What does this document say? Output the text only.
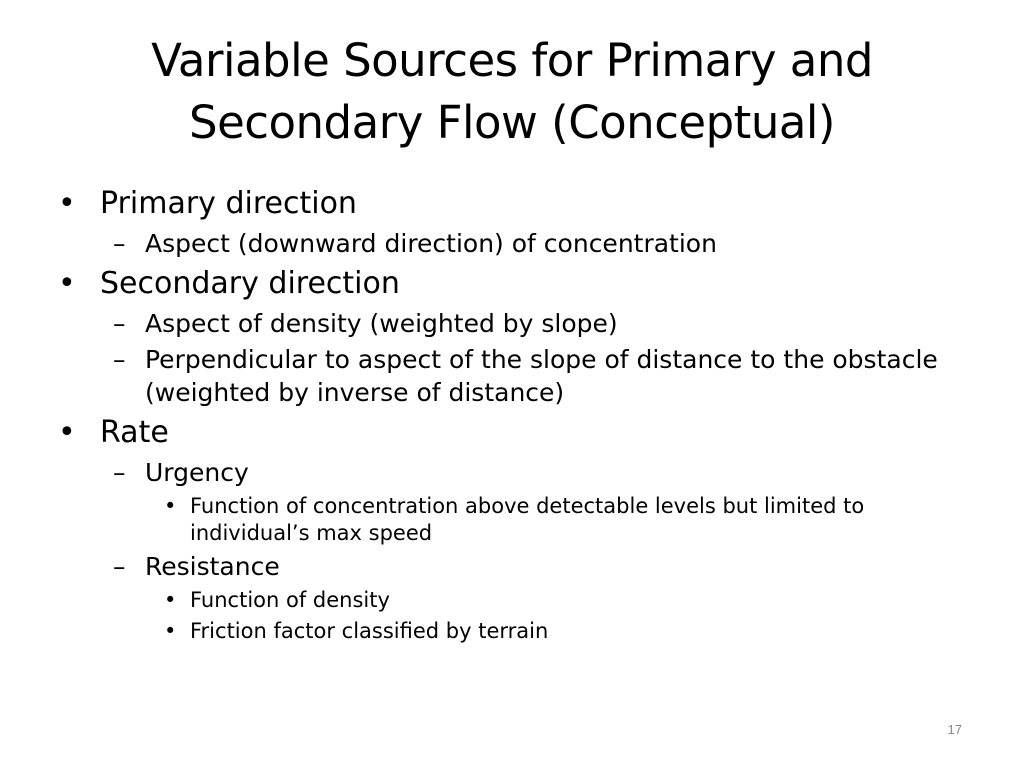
Variable Sources for Primary and
Secondary Flow (Conceptual)
• Primary direction
– Aspect (downward direction) of concentration
• Secondary direction
– Aspect of density (weighted by slope)
– Perpendicular to aspect of the slope of distance to the obstacle (weighted by inverse of distance)
• Rate
– Urgency
• Function of concentration above detectable levels but limited to individual’s max speed
– Resistance
• Function of density
• Friction factor classified by terrain
17
